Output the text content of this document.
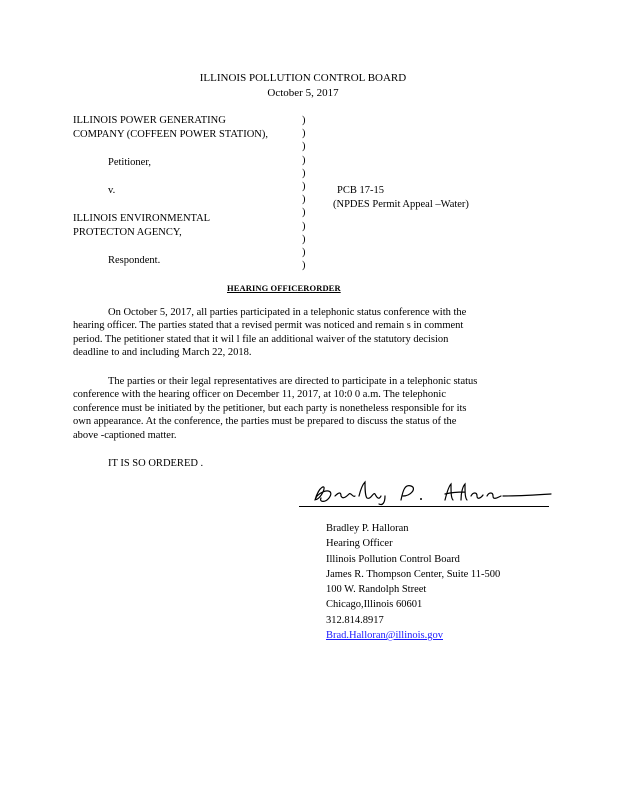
ILLINOIS POLLUTION CONTROL BOARD
October 5, 2017
ILLINOIS POWER GENERATING
COMPANY (COFFEEN POWER STATION),
Petitioner,
v.
ILLINOIS ENVIRONMENTAL
PROTECTON AGENCY,
Respondent.
)
)
)
)
)
)
)
)
)
)
)
)
PCB 17-15
(NPDES Permit Appeal –Water)
HEARING OFFICERORDER
On October 5, 2017, all parties participated in a telephonic status conference with the
hearing officer. The parties stated that a revised permit was noticed and remain s in comment
period. The petitioner stated that it wil l file an additional waiver of the statutory decision
deadline to and including March 22, 2018.
The parties or their legal representatives are directed to participate in a telephonic status
conference with the hearing officer on December 11, 2017, at 10:0 0 a.m. The telephonic
conference must be initiated by the petitioner, but each party is nonetheless responsible for its
own appearance. At the conference, the parties must be prepared to discuss the status of the
above -captioned matter.
IT IS SO ORDERED .
Bradley P. Halloran
Hearing Officer
Illinois Pollution Control Board
James R. Thompson Center, Suite 11-500
100 W. Randolph Street
Chicago,Illinois 60601
312.814.8917
Brad.Halloran@illinois.gov
